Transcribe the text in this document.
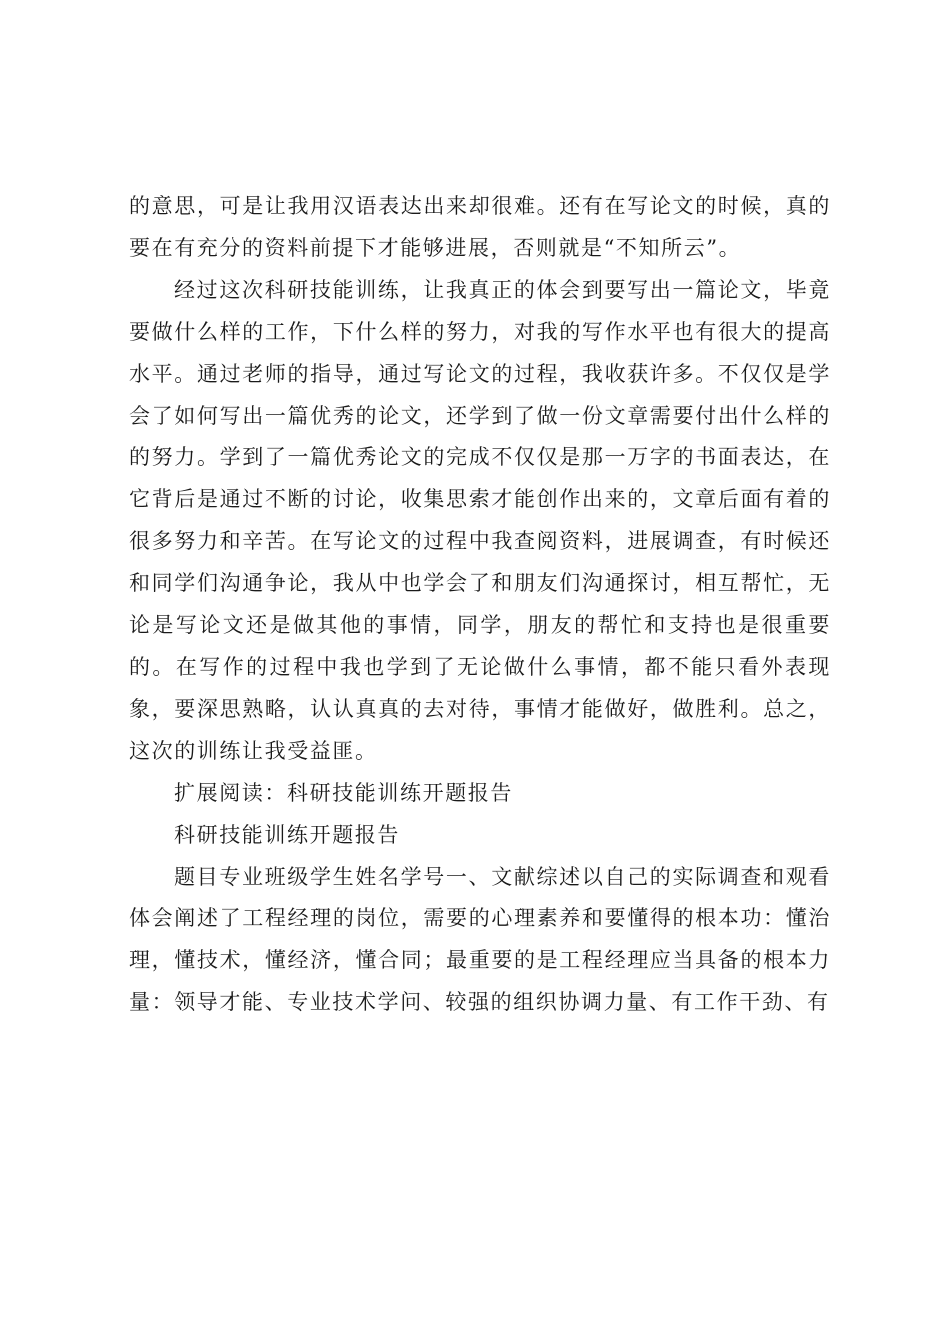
的意思，可是让我用汉语表达出来却很难。还有在写论文的时候，真的要在有充分的资料前提下才能够进展，否则就是“不知所云”。

经过这次科研技能训练，让我真正的体会到要写出一篇论文，毕竟要做什么样的工作，下什么样的努力，对我的写作水平也有很大的提高水平。通过老师的指导，通过写论文的过程，我收获许多。不仅仅是学会了如何写出一篇优秀的论文，还学到了做一份文章需要付出什么样的的努力。学到了一篇优秀论文的完成不仅仅是那一万字的书面表达，在它背后是通过不断的讨论，收集思索才能创作出来的，文章后面有着的很多努力和辛苦。在写论文的过程中我查阅资料，进展调查，有时候还和同学们沟通争论，我从中也学会了和朋友们沟通探讨，相互帮忙，无论是写论文还是做其他的事情，同学，朋友的帮忙和支持也是很重要的。在写作的过程中我也学到了无论做什么事情，都不能只看外表现象，要深思熟略，认认真真的去对待，事情才能做好，做胜利。总之，这次的训练让我受益匪。

扩展阅读：科研技能训练开题报告

科研技能训练开题报告

题目专业班级学生姓名学号一、文献综述以自己的实际调查和观看体会阐述了工程经理的岗位，需要的心理素养和要懂得的根本功：懂治理，懂技术，懂经济，懂合同；最重要的是工程经理应当具备的根本力量：领导才能、专业技术学问、较强的组织协调力量、有工作干劲、有
